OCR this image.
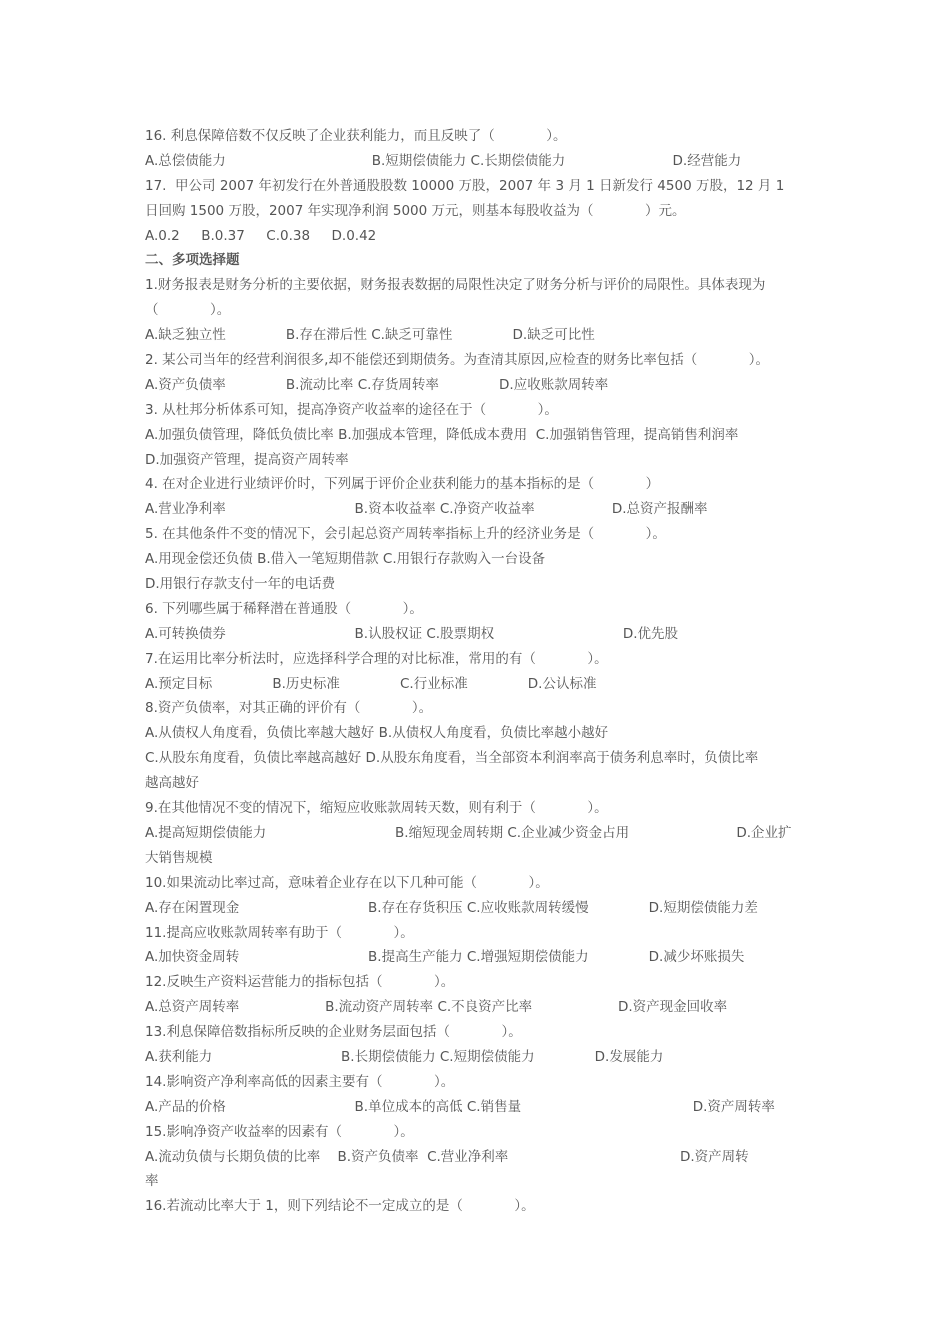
16. 利息保障倍数不仅反映了企业获利能力，而且反映了（            ）。
A.总偿债能力                                  B.短期偿债能力 C.长期偿债能力                         D.经营能力
17.  甲公司 2007 年初发行在外普通股股数 10000 万股，2007 年 3 月 1 日新发行 4500 万股，12 月 1
日回购 1500 万股，2007 年实现净利润 5000 万元，则基本每股收益为（            ）元。
A.0.2     B.0.37     C.0.38     D.0.42
二、多项选择题
1.财务报表是财务分析的主要依据，财务报表数据的局限性决定了财务分析与评价的局限性。具体表现为
（            ）。
A.缺乏独立性              B.存在滞后性 C.缺乏可靠性              D.缺乏可比性
2. 某公司当年的经营利润很多,却不能偿还到期债务。为查清其原因,应检查的财务比率包括（            ）。
A.资产负债率              B.流动比率 C.存货周转率              D.应收账款周转率
3. 从杜邦分析体系可知，提高净资产收益率的途径在于（            ）。
A.加强负债管理，降低负债比率 B.加强成本管理，降低成本费用  C.加强销售管理，提高销售利润率
D.加强资产管理，提高资产周转率
4. 在对企业进行业绩评价时，下列属于评价企业获利能力的基本指标的是（            ）
A.营业净利率                              B.资本收益率 C.净资产收益率                  D.总资产报酬率
5. 在其他条件不变的情况下，会引起总资产周转率指标上升的经济业务是（            ）。
A.用现金偿还负债 B.借入一笔短期借款 C.用银行存款购入一台设备
D.用银行存款支付一年的电话费
6. 下列哪些属于稀释潜在普通股（            ）。
A.可转换债券                              B.认股权证 C.股票期权                              D.优先股
7.在运用比率分析法时，应选择科学合理的对比标准，常用的有（            ）。
A.预定目标              B.历史标准              C.行业标准              D.公认标准
8.资产负债率，对其正确的评价有（            ）。
A.从债权人角度看，负债比率越大越好 B.从债权人角度看，负债比率越小越好
C.从股东角度看，负债比率越高越好 D.从股东角度看，当全部资本利润率高于债务利息率时，负债比率
越高越好
9.在其他情况不变的情况下，缩短应收账款周转天数，则有利于（            ）。
A.提高短期偿债能力                              B.缩短现金周转期 C.企业减少资金占用                         D.企业扩
大销售规模
10.如果流动比率过高，意味着企业存在以下几种可能（            ）。
A.存在闲置现金                              B.存在存货积压 C.应收账款周转缓慢              D.短期偿债能力差
11.提高应收账款周转率有助于（            ）。
A.加快资金周转                              B.提高生产能力 C.增强短期偿债能力              D.减少坏账损失
12.反映生产资料运营能力的指标包括（            ）。
A.总资产周转率                    B.流动资产周转率 C.不良资产比率                    D.资产现金回收率
13.利息保障倍数指标所反映的企业财务层面包括（            ）。
A.获利能力                              B.长期偿债能力 C.短期偿债能力              D.发展能力
14.影响资产净利率高低的因素主要有（            ）。
A.产品的价格                              B.单位成本的高低 C.销售量                                        D.资产周转率
15.影响净资产收益率的因素有（            ）。
A.流动负债与长期负债的比率    B.资产负债率  C.营业净利率                                        D.资产周转
率
16.若流动比率大于 1，则下列结论不一定成立的是（            ）。
